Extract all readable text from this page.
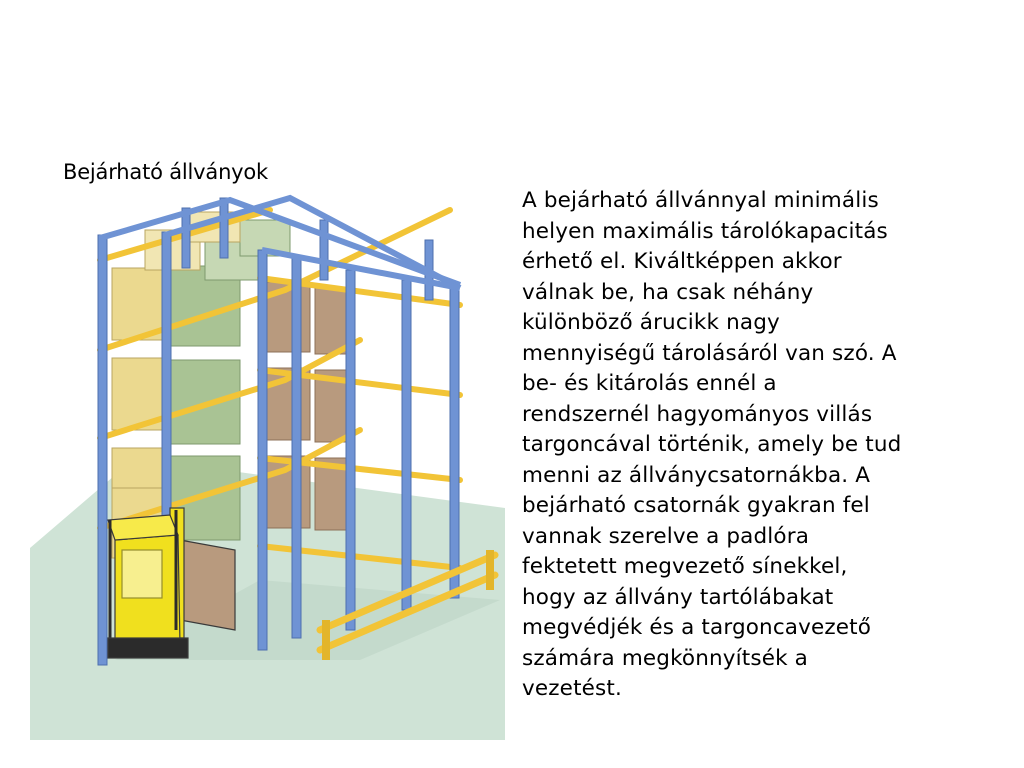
Bejárható állványok
A bejárható állvánnyal minimális
helyen maximális tárolókapacitás
érhető el. Kiváltképpen akkor
válnak be, ha csak néhány
különböző árucikk nagy
mennyiségű tárolásáról van szó. A
be- és kitárolás ennél a
rendszernél hagyományos villás
targoncával történik, amely be tud
menni az állványcsatornákba. A
bejárható csatornák gyakran fel
vannak szerelve a padlóra
fektetett megvezető sínekkel,
hogy az állvány tartólábakat
megvédjék és a targoncavezető
számára megkönnyítsék a
vezetést.
